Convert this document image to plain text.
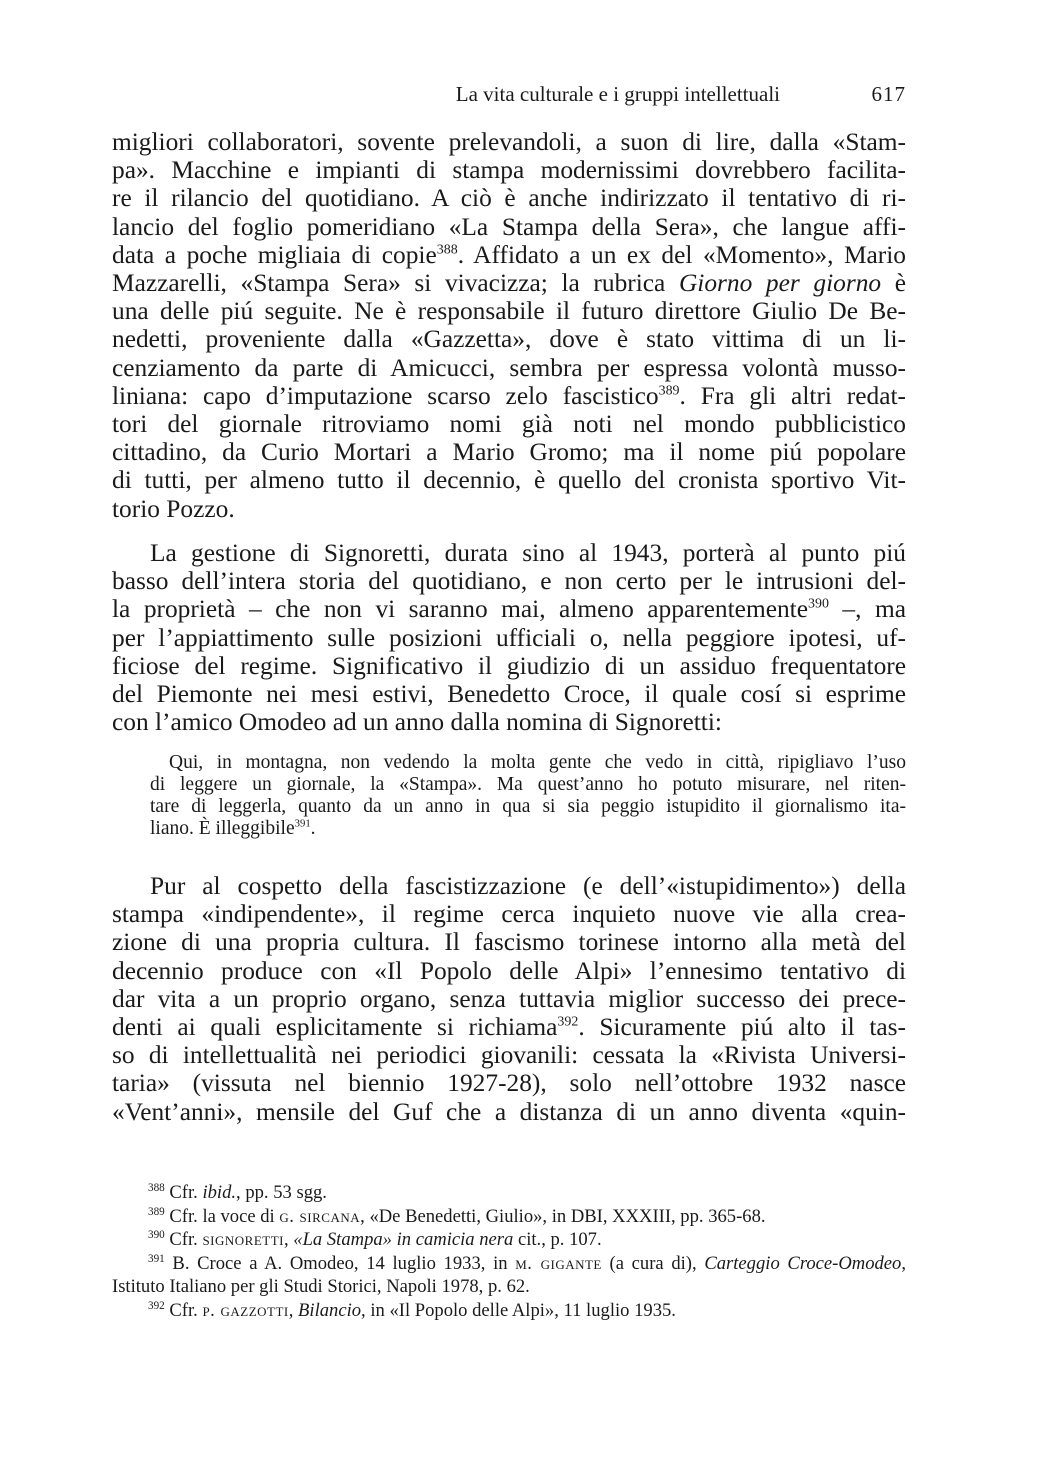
La vita culturale e i gruppi intellettuali	617

migliori collaboratori, sovente prelevandoli, a suon di lire, dalla «Stam-
pa». Macchine e impianti di stampa modernissimi dovrebbero facilita-
re il rilancio del quotidiano. A ciò è anche indirizzato il tentativo di ri-
lancio del foglio pomeridiano «La Stampa della Sera», che langue affi-
data a poche migliaia di copie$^{388}$. Affidato a un ex del «Momento», Mario
Mazzarelli, «Stampa Sera» si vivacizza; la rubrica Giorno per giorno è
una delle piú seguite. Ne è responsabile il futuro direttore Giulio De Be-
nedetti, proveniente dalla «Gazzetta», dove è stato vittima di un li-
cenziamento da parte di Amicucci, sembra per espressa volontà musso-
liniana: capo d’imputazione scarso zelo fascistico$^{389}$. Fra gli altri redat-
tori del giornale ritroviamo nomi già noti nel mondo pubblicistico
cittadino, da Curio Mortari a Mario Gromo; ma il nome piú popolare
di tutti, per almeno tutto il decennio, è quello del cronista sportivo Vit-
torio Pozzo.

La gestione di Signoretti, durata sino al 1943, porterà al punto piú
basso dell’intera storia del quotidiano, e non certo per le intrusioni del-
la proprietà – che non vi saranno mai, almeno apparentemente$^{390}$ –, ma
per l’appiattimento sulle posizioni ufficiali o, nella peggiore ipotesi, uf-
ficiose del regime. Significativo il giudizio di un assiduo frequentatore
del Piemonte nei mesi estivi, Benedetto Croce, il quale cosí si esprime
con l’amico Omodeo ad un anno dalla nomina di Signoretti:

Qui, in montagna, non vedendo la molta gente che vedo in città, ripigliavo l’uso
di leggere un giornale, la «Stampa». Ma quest’anno ho potuto misurare, nel riten-
tare di leggerla, quanto da un anno in qua si sia peggio istupidito il giornalismo ita-
liano. È illeggibile$^{391}$.

Pur al cospetto della fascistizzazione (e dell’«istupidimento») della
stampa «indipendente», il regime cerca inquieto nuove vie alla crea-
zione di una propria cultura. Il fascismo torinese intorno alla metà del
decennio produce con «Il Popolo delle Alpi» l’ennesimo tentativo di
dar vita a un proprio organo, senza tuttavia miglior successo dei prece-
denti ai quali esplicitamente si richiama$^{392}$. Sicuramente piú alto il tas-
so di intellettualità nei periodici giovanili: cessata la «Rivista Universi-
taria» (vissuta nel biennio 1927-28), solo nell’ottobre 1932 nasce
«Vent’anni», mensile del Guf che a distanza di un anno diventa «quin-

$^{388}$ Cfr. ibid., pp. 53 sgg.
$^{389}$ Cfr. la voce di g. sircana, «De Benedetti, Giulio», in DBI, XXXIII, pp. 365-68.
$^{390}$ Cfr. signoretti, «La Stampa» in camicia nera cit., p. 107.
$^{391}$ B. Croce a A. Omodeo, 14 luglio 1933, in m. gigante (a cura di), Carteggio Croce-Omodeo,
Istituto Italiano per gli Studi Storici, Napoli 1978, p. 62.
$^{392}$ Cfr. p. gazzotti, Bilancio, in «Il Popolo delle Alpi», 11 luglio 1935.
